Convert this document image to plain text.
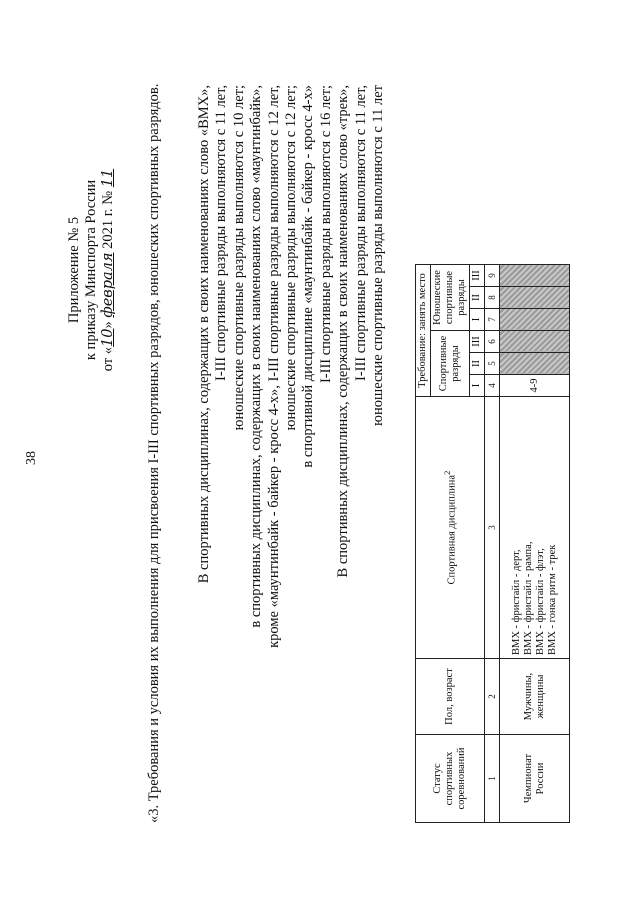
38
Приложение № 5 к приказу Минспорта России от «10» февраля 2021 г. № 11 «3. Требования и условия их выполнения для присвоения I-III спортивных разрядов, юношеских спортивных разрядов. В спортивных дисциплинах, содержащих в своих наименованиях слово «BMX», I-III спортивные разряды выполняются с 11 лет, юношеские спортивные разряды выполняются с 10 лет; в спортивных дисциплинах, содержащих в своих наименованиях слово «маунтинбайк», кроме «маунтинбайк - байкер - кросс 4-х», I-III спортивные разряды выполняются с 12 лет, юношеские спортивные разряды выполняются с 12 лет; в спортивной дисциплине «маунтинбайк - байкер - кросс 4-х» I-III спортивные разряды выполняются с 16 лет; В спортивных дисциплинах, содержащих в своих наименованиях слово «трек», I-III спортивные разряды выполняются с 11 лет, юношеские спортивные разряды выполняются с 11 лет
Статус спортивных соревнований	Пол, возраст	Спортивная дисциплина$^2$	Требование: занять место					
			Спортивные разряды			Юношеские спортивные разряды		
			I	II	III	I	II	III
1	2	3	4	5	6	7	8	9
Чемпионат России	Мужчины, женщины	BMX - фристайл - дерт, BMX - фристайл - рампа, BMX - фристайл - флэт, BMX - гонка ритм - трек	4-9					
